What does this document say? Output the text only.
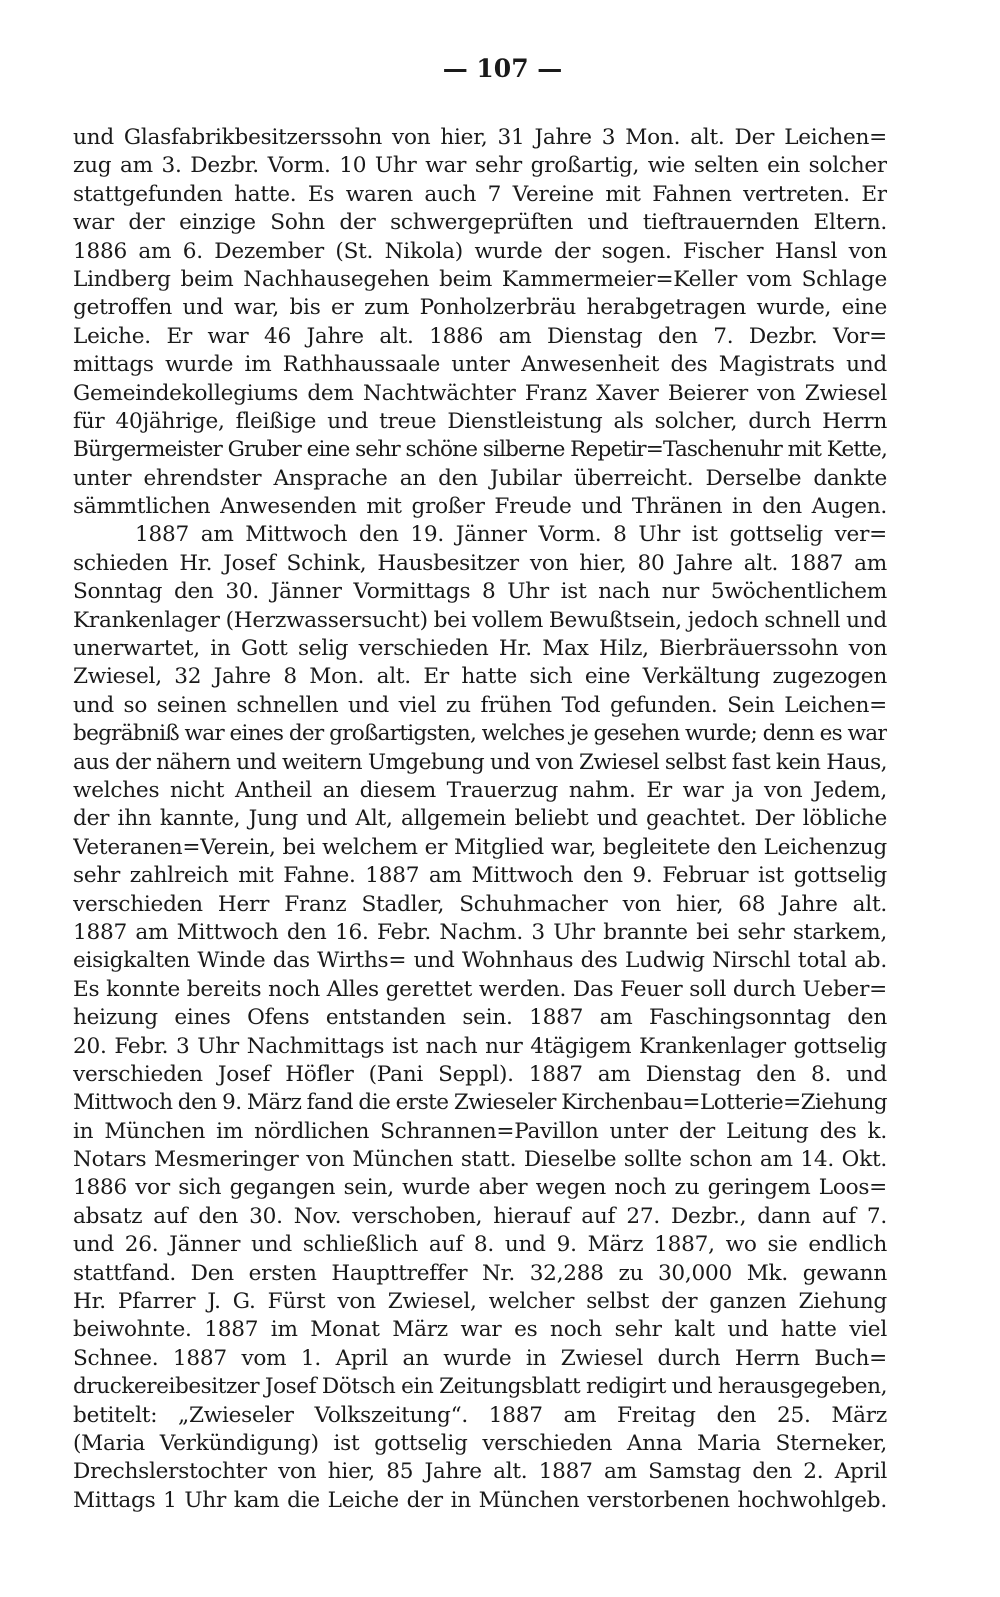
— 107 —
und Glasfabrikbesitzerssohn von hier, 31 Jahre 3 Mon. alt. Der Leichen=
zug am 3. Dezbr. Vorm. 10 Uhr war sehr großartig, wie selten ein solcher
stattgefunden hatte. Es waren auch 7 Vereine mit Fahnen vertreten. Er
war der einzige Sohn der schwergeprüften und tieftrauernden Eltern.
1886 am 6. Dezember (St. Nikola) wurde der sogen. Fischer Hansl von
Lindberg beim Nachhausegehen beim Kammermeier=Keller vom Schlage
getroffen und war, bis er zum Ponholzerbräu herabgetragen wurde, eine
Leiche. Er war 46 Jahre alt. 1886 am Dienstag den 7. Dezbr. Vor=
mittags wurde im Rathhaussaale unter Anwesenheit des Magistrats und
Gemeindekollegiums dem Nachtwächter Franz Xaver Beierer von Zwiesel
für 40jährige, fleißige und treue Dienstleistung als solcher, durch Herrn
Bürgermeister Gruber eine sehr schöne silberne Repetir=Taschenuhr mit Kette,
unter ehrendster Ansprache an den Jubilar überreicht. Derselbe dankte
sämmtlichen Anwesenden mit großer Freude und Thränen in den Augen.
1887 am Mittwoch den 19. Jänner Vorm. 8 Uhr ist gottselig ver=
schieden Hr. Josef Schink, Hausbesitzer von hier, 80 Jahre alt. 1887 am
Sonntag den 30. Jänner Vormittags 8 Uhr ist nach nur 5wöchentlichem
Krankenlager (Herzwassersucht) bei vollem Bewußtsein, jedoch schnell und
unerwartet, in Gott selig verschieden Hr. Max Hilz, Bierbräuerssohn von
Zwiesel, 32 Jahre 8 Mon. alt. Er hatte sich eine Verkältung zugezogen
und so seinen schnellen und viel zu frühen Tod gefunden. Sein Leichen=
begräbniß war eines der großartigsten, welches je gesehen wurde; denn es war
aus der nähern und weitern Umgebung und von Zwiesel selbst fast kein Haus,
welches nicht Antheil an diesem Trauerzug nahm. Er war ja von Jedem,
der ihn kannte, Jung und Alt, allgemein beliebt und geachtet. Der löbliche
Veteranen=Verein, bei welchem er Mitglied war, begleitete den Leichenzug
sehr zahlreich mit Fahne. 1887 am Mittwoch den 9. Februar ist gottselig
verschieden Herr Franz Stadler, Schuhmacher von hier, 68 Jahre alt.
1887 am Mittwoch den 16. Febr. Nachm. 3 Uhr brannte bei sehr starkem,
eisigkalten Winde das Wirths= und Wohnhaus des Ludwig Nirschl total ab.
Es konnte bereits noch Alles gerettet werden. Das Feuer soll durch Ueber=
heizung eines Ofens entstanden sein. 1887 am Faschingsonntag den
20. Febr. 3 Uhr Nachmittags ist nach nur 4tägigem Krankenlager gottselig
verschieden Josef Höfler (Pani Seppl). 1887 am Dienstag den 8. und
Mittwoch den 9. März fand die erste Zwieseler Kirchenbau=Lotterie=Ziehung
in München im nördlichen Schrannen=Pavillon unter der Leitung des k.
Notars Mesmeringer von München statt. Dieselbe sollte schon am 14. Okt.
1886 vor sich gegangen sein, wurde aber wegen noch zu geringem Loos=
absatz auf den 30. Nov. verschoben, hierauf auf 27. Dezbr., dann auf 7.
und 26. Jänner und schließlich auf 8. und 9. März 1887, wo sie endlich
stattfand. Den ersten Haupttreffer Nr. 32,288 zu 30,000 Mk. gewann
Hr. Pfarrer J. G. Fürst von Zwiesel, welcher selbst der ganzen Ziehung
beiwohnte. 1887 im Monat März war es noch sehr kalt und hatte viel
Schnee. 1887 vom 1. April an wurde in Zwiesel durch Herrn Buch=
druckereibesitzer Josef Dötsch ein Zeitungsblatt redigirt und herausgegeben,
betitelt: „Zwieseler Volkszeitung“. 1887 am Freitag den 25. März
(Maria Verkündigung) ist gottselig verschieden Anna Maria Sterneker,
Drechslerstochter von hier, 85 Jahre alt. 1887 am Samstag den 2. April
Mittags 1 Uhr kam die Leiche der in München verstorbenen hochwohlgeb.
